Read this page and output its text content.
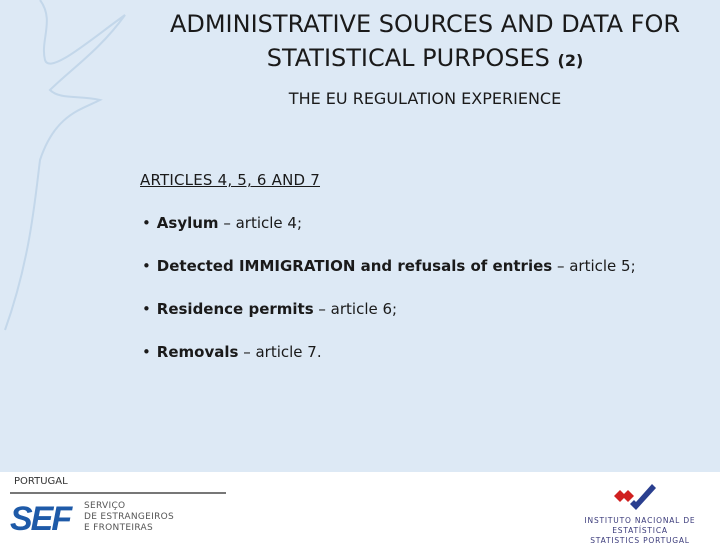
ADMINISTRATIVE SOURCES AND DATA FOR
STATISTICAL PURPOSES (2)
THE EU REGULATION EXPERIENCE
ARTICLES 4, 5, 6 AND 7
• Asylum – article 4;
• Detected IMMIGRATION and refusals of entries – article 5;
• Residence permits – article 6;
• Removals – article 7.
PORTUGAL
SEF	SERVIÇO
DE ESTRANGEIROS
E FRONTEIRAS
INSTITUTO NACIONAL DE ESTATÍSTICA
STATISTICS PORTUGAL
